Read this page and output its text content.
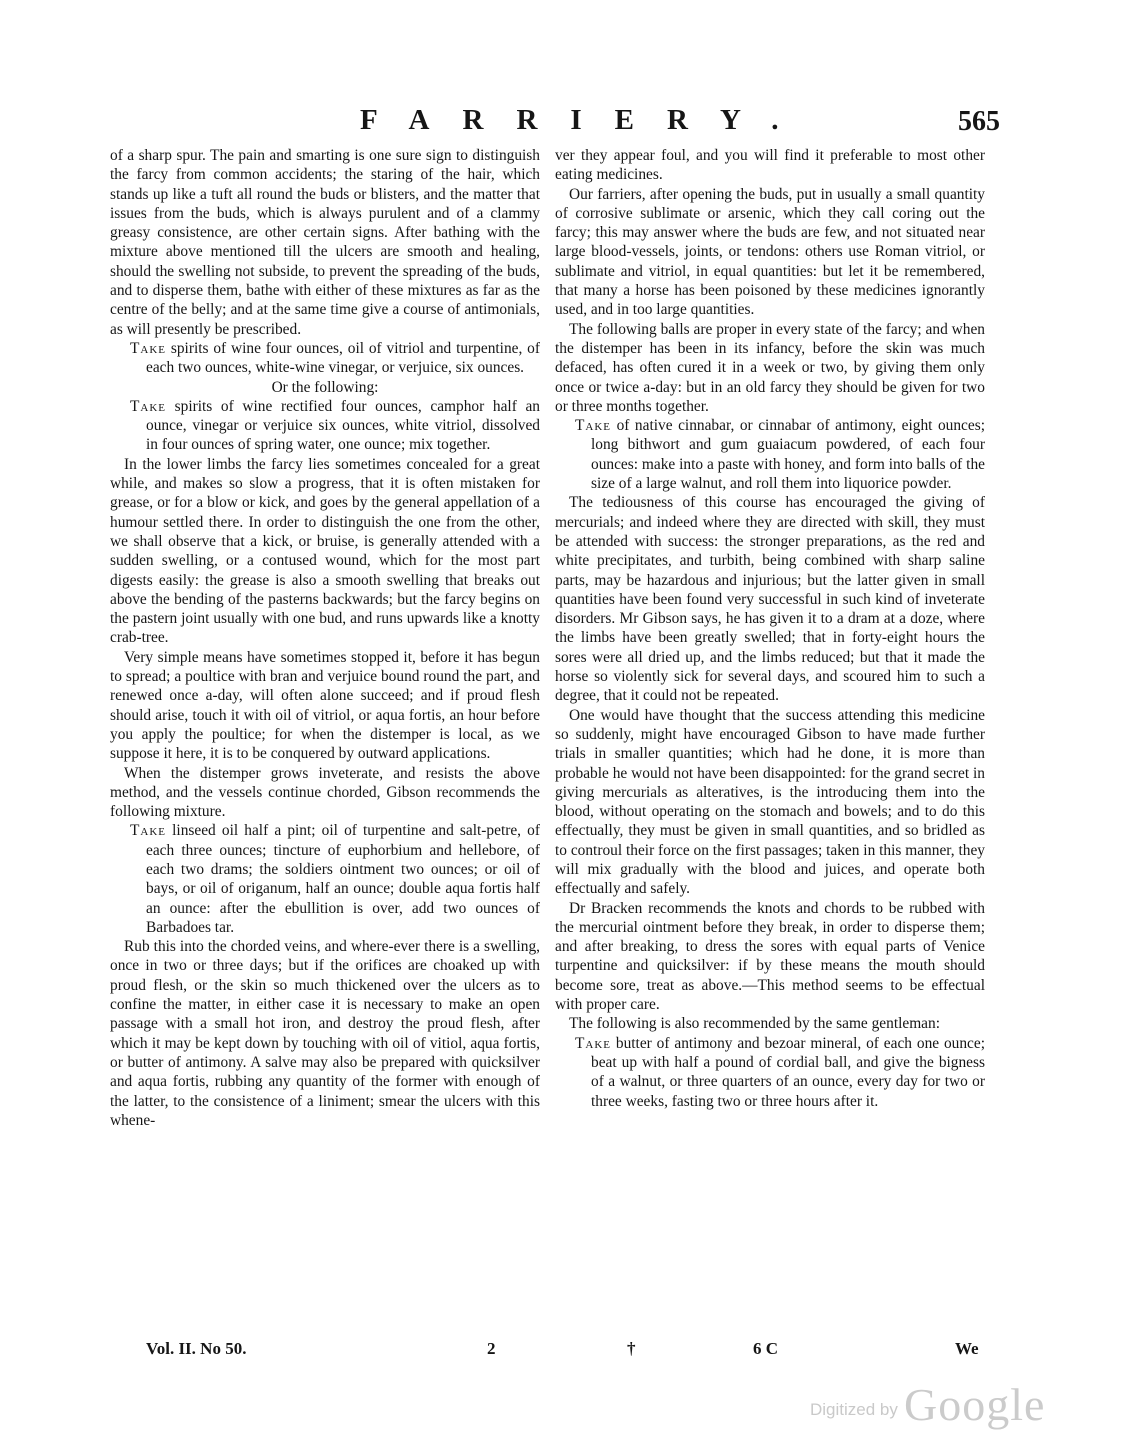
FARRIERY.	565

of a sharp spur. The pain and smarting is one sure sign to distinguish the farcy from common accidents; the staring of the hair, which stands up like a tuft all round the buds or blisters, and the matter that issues from the buds, which is always purulent and of a clammy greasy consistence, are other certain signs. After bathing with the mixture above mentioned till the ulcers are smooth and healing, should the swelling not subside, to prevent the spreading of the buds, and to disperse them, bathe with either of these mixtures as far as the centre of the belly; and at the same time give a course of antimonials, as will presently be prescribed.

Take spirits of wine four ounces, oil of vitriol and turpentine, of each two ounces, white-wine vinegar, or verjuice, six ounces.

Or the following:

Take spirits of wine rectified four ounces, camphor half an ounce, vinegar or verjuice six ounces, white vitriol, dissolved in four ounces of spring water, one ounce; mix together.

In the lower limbs the farcy lies sometimes concealed for a great while, and makes so slow a progress, that it is often mistaken for grease, or for a blow or kick, and goes by the general appellation of a humour settled there. In order to distinguish the one from the other, we shall observe that a kick, or bruise, is generally attended with a sudden swelling, or a contused wound, which for the most part digests easily: the grease is also a smooth swelling that breaks out above the bending of the pasterns backwards; but the farcy begins on the pastern joint usually with one bud, and runs upwards like a knotty crab-tree.

Very simple means have sometimes stopped it, before it has begun to spread; a poultice with bran and verjuice bound round the part, and renewed once a-day, will often alone succeed; and if proud flesh should arise, touch it with oil of vitriol, or aqua fortis, an hour before you apply the poultice; for when the distemper is local, as we suppose it here, it is to be conquered by outward applications.

When the distemper grows inveterate, and resists the above method, and the vessels continue chorded, Gibson recommends the following mixture.

Take linseed oil half a pint; oil of turpentine and salt-petre, of each three ounces; tincture of euphorbium and hellebore, of each two drams; the soldiers ointment two ounces; or oil of bays, or oil of origanum, half an ounce; double aqua fortis half an ounce: after the ebullition is over, add two ounces of Barbadoes tar.

Rub this into the chorded veins, and where-ever there is a swelling, once in two or three days; but if the orifices are choaked up with proud flesh, or the skin so much thickened over the ulcers as to confine the matter, in either case it is necessary to make an open passage with a small hot iron, and destroy the proud flesh, after which it may be kept down by touching with oil of vitiol, aqua fortis, or butter of antimony. A salve may also be prepared with quicksilver and aqua fortis, rubbing any quantity of the former with enough of the latter, to the consistence of a liniment; smear the ulcers with this whene-

ver they appear foul, and you will find it preferable to most other eating medicines.

Our farriers, after opening the buds, put in usually a small quantity of corrosive sublimate or arsenic, which they call coring out the farcy; this may answer where the buds are few, and not situated near large blood-vessels, joints, or tendons: others use Roman vitriol, or sublimate and vitriol, in equal quantities: but let it be remembered, that many a horse has been poisoned by these medicines ignorantly used, and in too large quantities.

The following balls are proper in every state of the farcy; and when the distemper has been in its infancy, before the skin was much defaced, has often cured it in a week or two, by giving them only once or twice a-day: but in an old farcy they should be given for two or three months together.

Take of native cinnabar, or cinnabar of antimony, eight ounces; long bithwort and gum guaiacum powdered, of each four ounces: make into a paste with honey, and form into balls of the size of a large walnut, and roll them into liquorice powder.

The tediousness of this course has encouraged the giving of mercurials; and indeed where they are directed with skill, they must be attended with success: the stronger preparations, as the red and white precipitates, and turbith, being combined with sharp saline parts, may be hazardous and injurious; but the latter given in small quantities have been found very successful in such kind of inveterate disorders. Mr Gibson says, he has given it to a dram at a doze, where the limbs have been greatly swelled; that in forty-eight hours the sores were all dried up, and the limbs reduced; but that it made the horse so violently sick for several days, and scoured him to such a degree, that it could not be repeated.

One would have thought that the success attending this medicine so suddenly, might have encouraged Gibson to have made further trials in smaller quantities; which had he done, it is more than probable he would not have been disappointed: for the grand secret in giving mercurials as alteratives, is the introducing them into the blood, without operating on the stomach and bowels; and to do this effectually, they must be given in small quantities, and so bridled as to controul their force on the first passages; taken in this manner, they will mix gradually with the blood and juices, and operate both effectually and safely.

Dr Bracken recommends the knots and chords to be rubbed with the mercurial ointment before they break, in order to disperse them; and after breaking, to dress the sores with equal parts of Venice turpentine and quicksilver: if by these means the mouth should become sore, treat as above.—This method seems to be effectual with proper care.

The following is also recommended by the same gentleman:

Take butter of antimony and bezoar mineral, of each one ounce; beat up with half a pound of cordial ball, and give the bigness of a walnut, or three quarters of an ounce, every day for two or three weeks, fasting two or three hours after it.

Vol. II. No 50.	2	†	6 C	We
Digitized by Google
